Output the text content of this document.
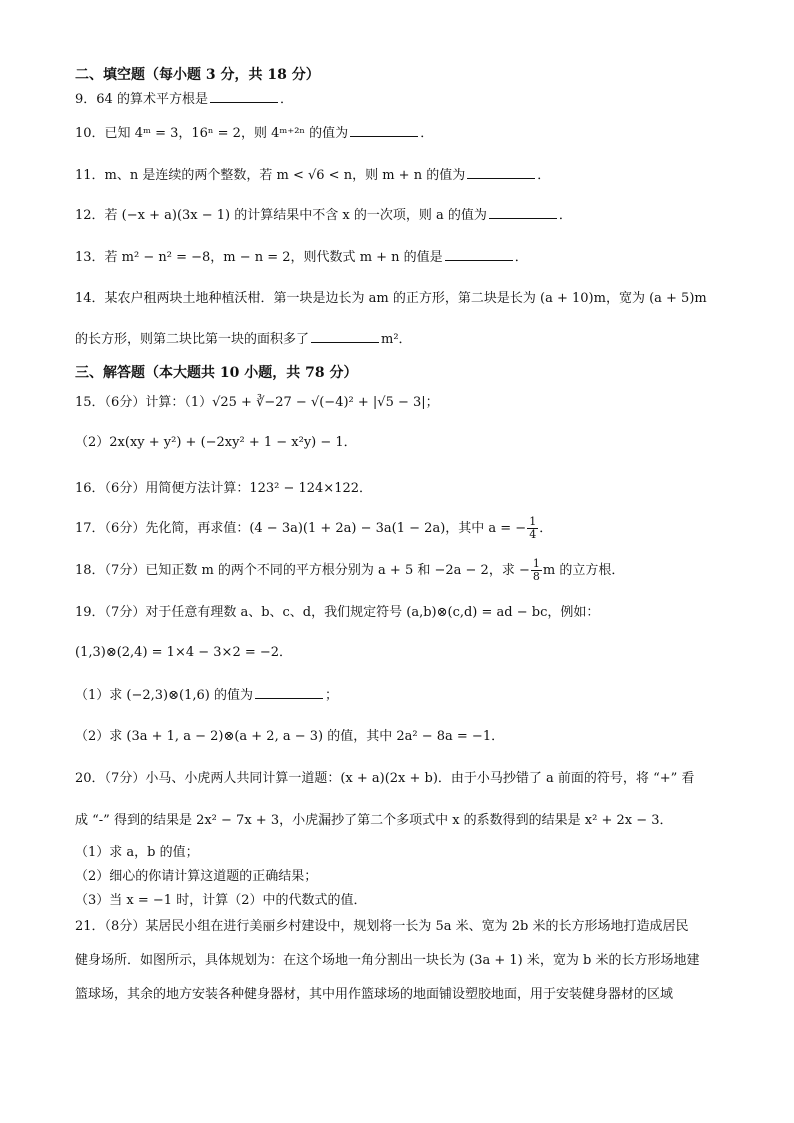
二、填空题（每小题 3 分，共 18 分）
9．64 的算术平方根是	．
10．已知 4ᵐ = 3，16ⁿ = 2，则 4ᵐ⁺²ⁿ 的值为	．
11．m、n 是连续的两个整数，若 m < √6 < n，则 m + n 的值为	．
12．若 (−x + a)(3x − 1) 的计算结果中不含 x 的一次项，则 a 的值为	．
13．若 m² − n² = −8，m − n = 2，则代数式 m + n 的值是	．
14．某农户租两块土地种植沃柑．第一块是边长为 am 的正方形，第二块是长为 (a + 10)m，宽为 (a + 5)m
的长方形，则第二块比第一块的面积多了	m²．
三、解答题（本大题共 10 小题，共 78 分）
15．（6分）计算：（1）√25 + ∛−27 − √(−4)² + |√5 − 3|；
（2）2x(xy + y²) + (−2xy² + 1 − x²y) − 1．
16．（6分）用简便方法计算：123² − 124×122．
17．（6分）先化简，再求值：(4 − 3a)(1 + 2a) − 3a(1 − 2a)，其中 a = − $\frac{1}{4}$ ．
18．（7分）已知正数 m 的两个不同的平方根分别为 a + 5 和 −2a − 2，求 − $\frac{1}{8}$ m 的立方根．
19．（7分）对于任意有理数 a、b、c、d，我们规定符号 (a,b)⊗(c,d) = ad − bc，例如：
(1,3)⊗(2,4) = 1×4 − 3×2 = −2．
（1）求 (−2,3)⊗(1,6) 的值为	；
（2）求 (3a + 1, a − 2)⊗(a + 2, a − 3) 的值，其中 2a² − 8a = −1．
20．（7分）小马、小虎两人共同计算一道题：(x + a)(2x + b)．由于小马抄错了 a 前面的符号，将 “+” 看
成 “-” 得到的结果是 2x² − 7x + 3，小虎漏抄了第二个多项式中 x 的系数得到的结果是 x² + 2x − 3．
（1）求 a，b 的值；
（2）细心的你请计算这道题的正确结果；
（3）当 x = −1 时，计算（2）中的代数式的值．
21．（8分）某居民小组在进行美丽乡村建设中，规划将一长为 5a 米、宽为 2b 米的长方形场地打造成居民
健身场所．如图所示，具体规划为：在这个场地一角分割出一块长为 (3a + 1) 米，宽为 b 米的长方形场地建
篮球场，其余的地方安装各种健身器材，其中用作篮球场的地面铺设塑胶地面，用于安装健身器材的区域
